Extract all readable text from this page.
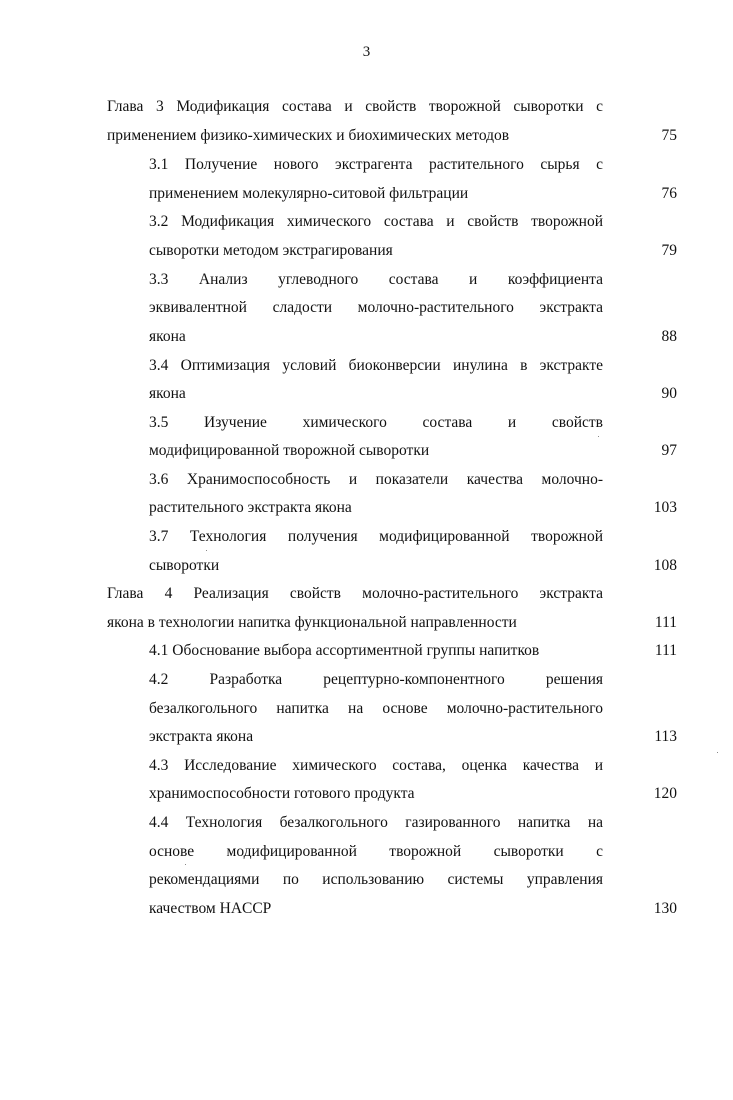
3
Глава 3 Модификация состава и свойств творожной сыворотки с
применением физико-химических и биохимических методов	75
3.1 Получение нового экстрагента растительного сырья с
применением молекулярно-ситовой фильтрации	76
3.2 Модификация химического состава и свойств творожной
сыворотки методом экстрагирования	79
3.3 Анализ углеводного состава и коэффициента
эквивалентной сладости молочно-растительного экстракта
якона	88
3.4 Оптимизация условий биоконверсии инулина в экстракте
якона	90
3.5 Изучение химического состава и свойств
модифицированной творожной сыворотки	97
3.6 Хранимоспособность и показатели качества молочно-
растительного экстракта якона	103
3.7 Технология получения модифицированной творожной
сыворотки	108
Глава 4 Реализация свойств молочно-растительного экстракта
якона в технологии напитка функциональной направленности	111
4.1 Обоснование выбора ассортиментной группы напитков	111
4.2 Разработка рецептурно-компонентного решения
безалкогольного напитка на основе молочно-растительного
экстракта якона	113
4.3 Исследование химического состава, оценка качества и
хранимоспособности готового продукта	120
4.4 Технология безалкогольного газированного напитка на
основе модифицированной творожной сыворотки с
рекомендациями по использованию системы управления
качеством HACCP	130
